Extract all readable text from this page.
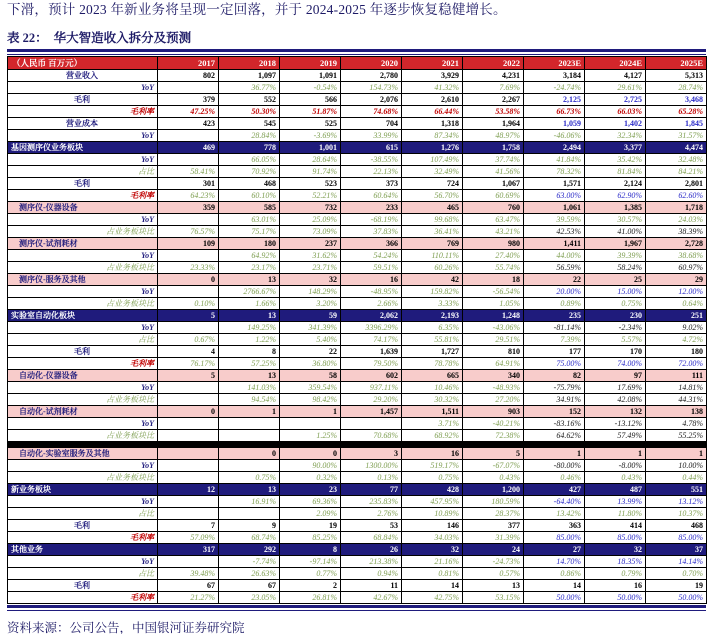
下滑，预计 2023 年新业务将呈现一定回落，并于 2024-2025 年逐步恢复稳健增长。

表 22： 华大智造收入拆分及预测
（人民币 百万元）	2017	2018	2019	2020	2021	2022	2023E	2024E	2025E
营业收入	802	1,097	1,091	2,780	3,929	4,231	3,184	4,127	5,313
YoY		36.77%	-0.54%	154.73%	41.32%	7.69%	-24.74%	29.61%	28.74%
毛利	379	552	566	2,076	2,610	2,267	2,125	2,725	3,468
毛利率	47.25%	50.30%	51.87%	74.68%	66.44%	53.58%	66.73%	66.03%	65.28%
营业成本	423	545	525	704	1,318	1,964	1,059	1,402	1,845
YoY		28.84%	-3.69%	33.99%	87.34%	48.97%	-46.06%	32.34%	31.57%
基因测序仪业务板块	469	778	1,001	615	1,276	1,758	2,494	3,377	4,474
YoY		66.05%	28.64%	-38.55%	107.49%	37.74%	41.84%	35.42%	32.48%
占比	58.41%	70.92%	91.74%	22.13%	32.49%	41.56%	78.32%	81.84%	84.21%
毛利	301	468	523	373	724	1,067	1,571	2,124	2,801
毛利率	64.23%	60.10%	52.21%	60.64%	56.70%	60.69%	63.00%	62.90%	62.60%
测序仪-仪器设备	359	585	732	233	465	760	1,061	1,385	1,718
YoY		63.01%	25.09%	-68.19%	99.68%	63.47%	39.59%	30.57%	24.03%
占业务板块比	76.57%	75.17%	73.09%	37.83%	36.41%	43.21%	42.53%	41.00%	38.39%
测序仪-试剂耗材	109	180	237	366	769	980	1,411	1,967	2,728
YoY		64.92%	31.62%	54.24%	110.11%	27.40%	44.00%	39.39%	38.68%
占业务板块比	23.33%	23.17%	23.71%	59.51%	60.26%	55.74%	56.59%	58.24%	60.97%
测序仪-服务及其他	0	13	32	16	42	18	22	25	29
YoY		2766.67%	148.29%	-48.95%	159.82%	-56.54%	20.00%	15.00%	12.00%
占业务板块比	0.10%	1.66%	3.20%	2.66%	3.33%	1.05%	0.89%	0.75%	0.64%
实验室自动化板块	5	13	59	2,062	2,193	1,248	235	230	251
YoY		149.25%	341.39%	3396.29%	6.35%	-43.06%	-81.14%	-2.34%	9.02%
占比	0.67%	1.22%	5.40%	74.17%	55.81%	29.51%	7.39%	5.57%	4.72%
毛利	4	8	22	1,639	1,727	810	177	170	180
毛利率	76.17%	57.25%	36.80%	79.50%	78.78%	64.91%	75.00%	74.00%	72.00%
自动化-仪器设备	5	13	58	602	665	340	82	97	111
YoY		141.03%	359.54%	937.11%	10.46%	-48.93%	-75.79%	17.69%	14.81%
占业务板块比		94.54%	98.42%	29.20%	30.32%	27.20%	34.91%	42.08%	44.31%
自动化-试剂耗材	0	1	1	1,457	1,511	903	152	132	138
YoY					3.71%	-40.21%	-83.16%	-13.12%	4.78%
占业务板块比			1.25%	70.68%	68.92%	72.38%	64.62%	57.49%	55.25%

自动化-实验室服务及其他		0	0	3	16	5	1	1	1
YoY			90.00%	1300.00%	519.17%	-67.07%	-80.00%	-8.00%	10.00%
占业务板块比		0.75%	0.32%	0.13%	0.75%	0.43%	0.46%	0.43%	0.44%
新业务板块	12	13	23	77	428	1,200	427	487	551
YoY		16.91%	69.36%	235.83%	457.95%	180.59%	-64.40%	13.99%	13.12%
占比			2.09%	2.76%	10.89%	28.37%	13.42%	11.80%	10.37%
毛利	7	9	19	53	146	377	363	414	468
毛利率	57.09%	68.74%	85.25%	68.84%	34.03%	31.39%	85.00%	85.00%	85.00%
其他业务	317	292	8	26	32	24	27	32	37
YoY		-7.74%	-97.14%	213.38%	21.16%	-24.73%	14.70%	18.35%	14.14%
占比	39.48%	26.63%	0.77%	0.94%	0.81%	0.57%	0.86%	0.79%	0.70%
毛利	67	67	2	11	14	13	14	16	19
毛利率	21.27%	23.05%	26.81%	42.67%	42.75%	53.15%	50.00%	50.00%	50.00%

资料来源：公司公告，中国银河证券研究院
